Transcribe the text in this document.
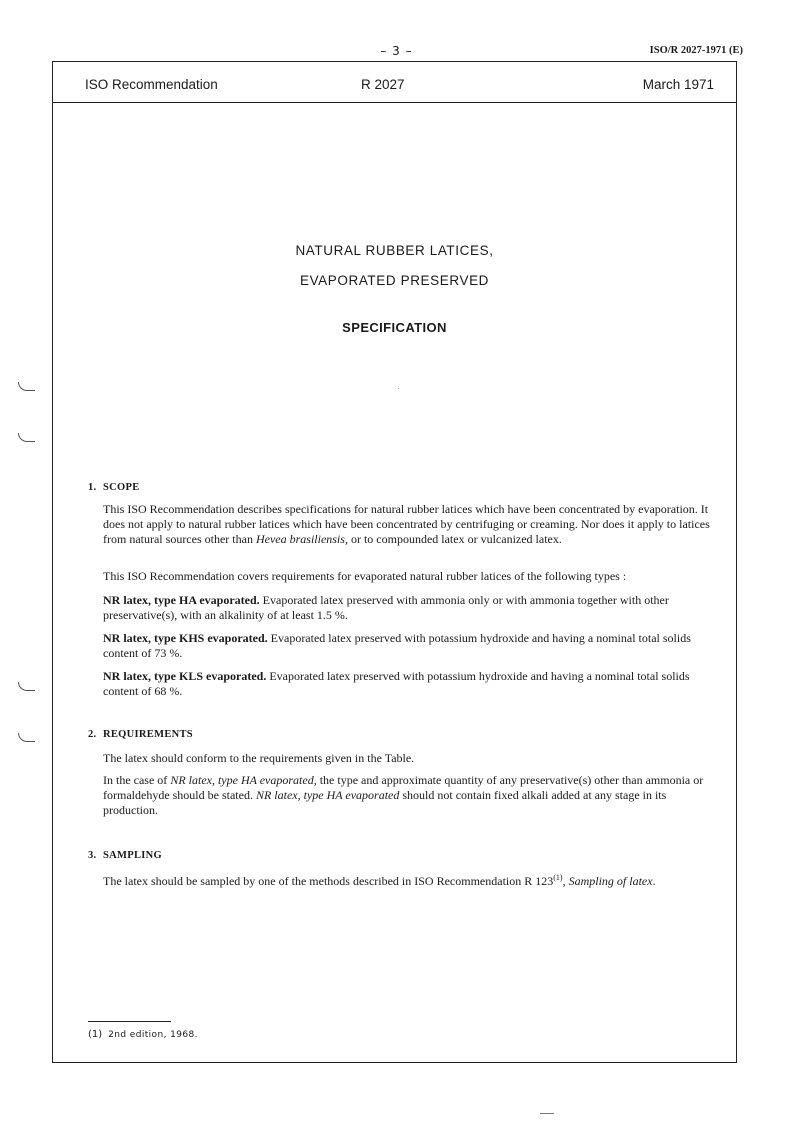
– 3 –	ISO/R 2027-1971 (E)
ISO Recommendation	R 2027	March 1971
NATURAL RUBBER LATICES,
EVAPORATED PRESERVED
SPECIFICATION
1. SCOPE
This ISO Recommendation describes specifications for natural rubber latices which have been concentrated by evaporation. It does not apply to natural rubber latices which have been concentrated by centrifuging or creaming. Nor does it apply to latices from natural sources other than Hevea brasiliensis, or to compounded latex or vulcanized latex.
This ISO Recommendation covers requirements for evaporated natural rubber latices of the following types :
NR latex, type HA evaporated. Evaporated latex preserved with ammonia only or with ammonia together with other preservative(s), with an alkalinity of at least 1.5 %.
NR latex, type KHS evaporated. Evaporated latex preserved with potassium hydroxide and having a nominal total solids content of 73 %.
NR latex, type KLS evaporated. Evaporated latex preserved with potassium hydroxide and having a nominal total solids content of 68 %.
2. REQUIREMENTS
The latex should conform to the requirements given in the Table.
In the case of NR latex, type HA evaporated, the type and approximate quantity of any preservative(s) other than ammonia or formaldehyde should be stated. NR latex, type HA evaporated should not contain fixed alkali added at any stage in its production.
3. SAMPLING
The latex should be sampled by one of the methods described in ISO Recommendation R 123$^{(1)}$, Sampling of latex.
(1) 2nd edition, 1968.
